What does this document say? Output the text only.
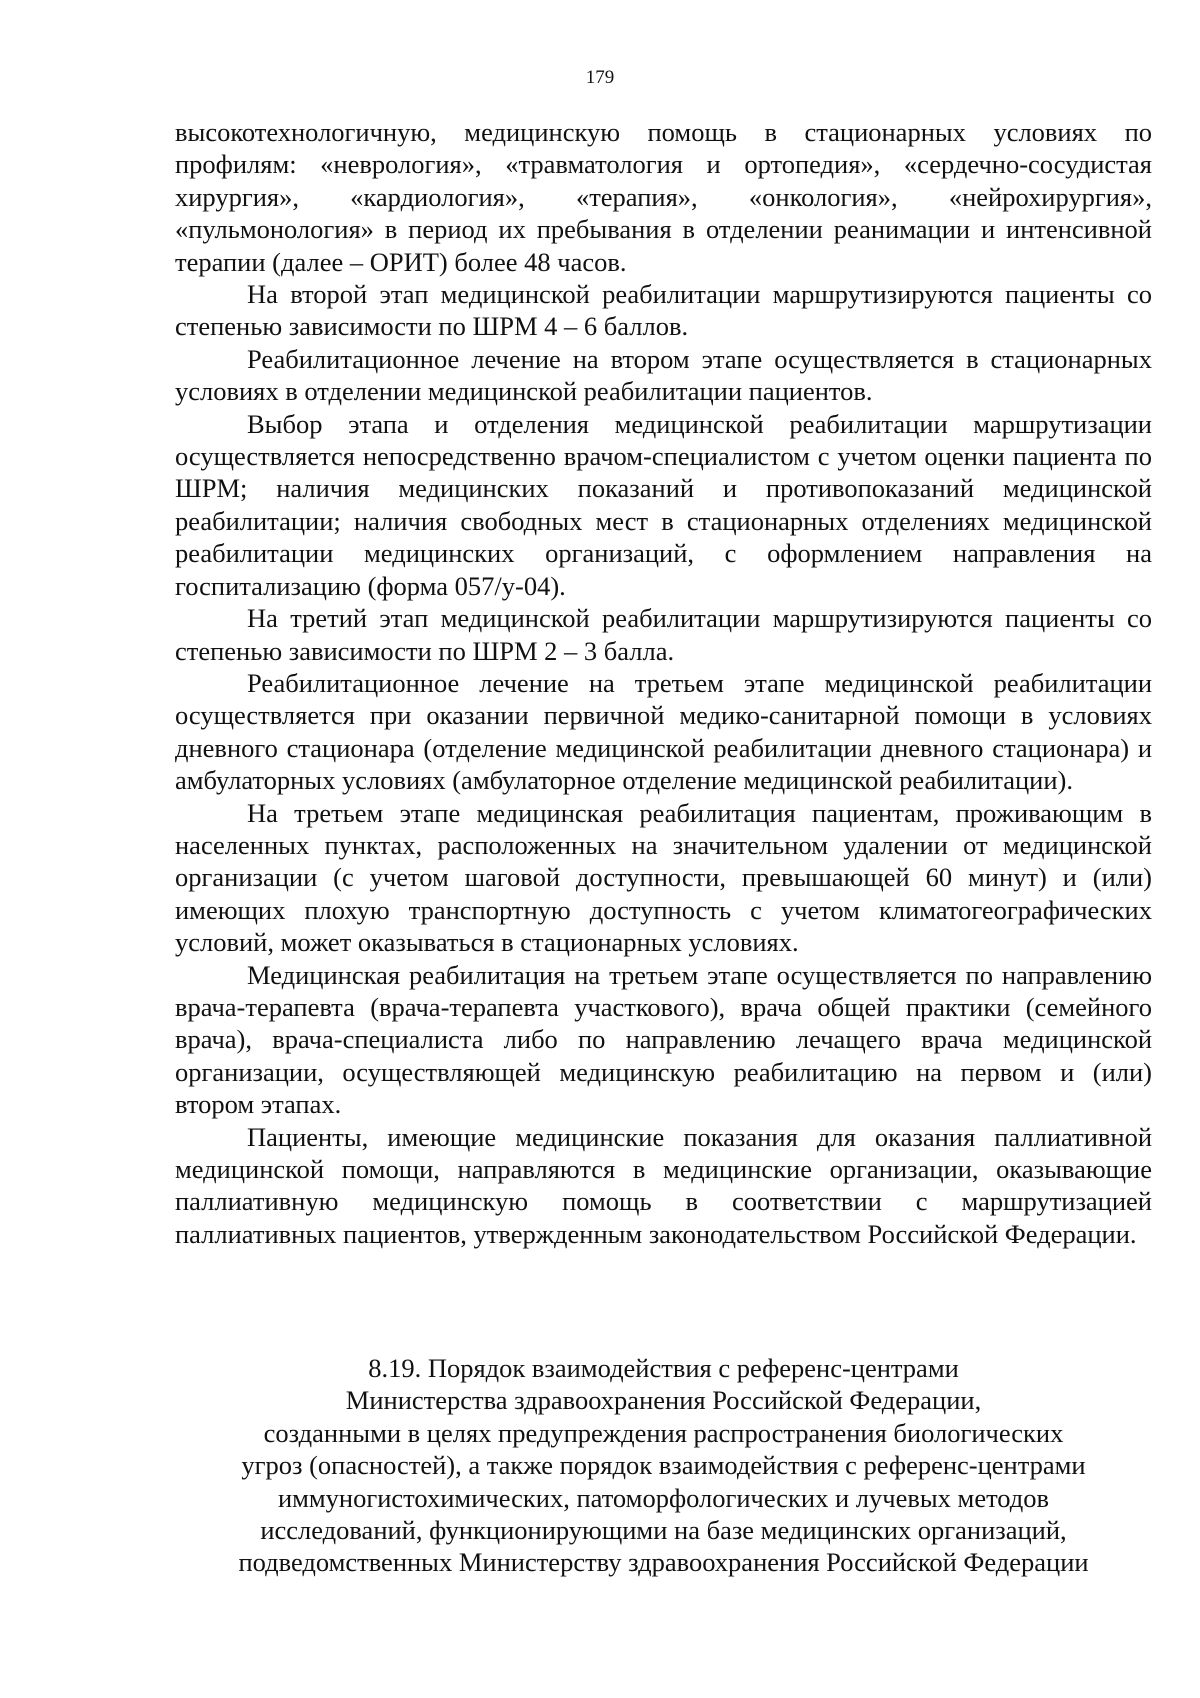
179

высокотехнологичную, медицинскую помощь в стационарных условиях по профилям: «неврология», «травматология и ортопедия», «сердечно-сосудистая хирургия», «кардиология», «терапия», «онкология», «нейрохирургия», «пульмонология» в период их пребывания в отделении реанимации и интенсивной терапии (далее – ОРИТ) более 48 часов.

На второй этап медицинской реабилитации маршрутизируются пациенты со степенью зависимости по ШРМ 4 – 6 баллов.

Реабилитационное лечение на втором этапе осуществляется в стационарных условиях в отделении медицинской реабилитации пациентов.

Выбор этапа и отделения медицинской реабилитации маршрутизации осуществляется непосредственно врачом-специалистом с учетом оценки пациента по ШРМ; наличия медицинских показаний и противопоказаний медицинской реабилитации; наличия свободных мест в стационарных отделениях медицинской реабилитации медицинских организаций, с оформлением направления на госпитализацию (форма 057/у-04).

На третий этап медицинской реабилитации маршрутизируются пациенты со степенью зависимости по ШРМ 2 – 3 балла.

Реабилитационное лечение на третьем этапе медицинской реабилитации осуществляется при оказании первичной медико-санитарной помощи в условиях дневного стационара (отделение медицинской реабилитации дневного стационара) и амбулаторных условиях (амбулаторное отделение медицинской реабилитации).

На третьем этапе медицинская реабилитация пациентам, проживающим в населенных пунктах, расположенных на значительном удалении от медицинской организации (с учетом шаговой доступности, превышающей 60 минут) и (или) имеющих плохую транспортную доступность с учетом климатогеографических условий, может оказываться в стационарных условиях.

Медицинская реабилитация на третьем этапе осуществляется по направлению врача-терапевта (врача-терапевта участкового), врача общей практики (семейного врача), врача-специалиста либо по направлению лечащего врача медицинской организации, осуществляющей медицинскую реабилитацию на первом и (или) втором этапах.

Пациенты, имеющие медицинские показания для оказания паллиативной медицинской помощи, направляются в медицинские организации, оказывающие паллиативную медицинскую помощь в соответствии с маршрутизацией паллиативных пациентов, утвержденным законодательством Российской Федерации.

8.19. Порядок взаимодействия с референс-центрами
Министерства здравоохранения Российской Федерации,
созданными в целях предупреждения распространения биологических
угроз (опасностей), а также порядок взаимодействия с референс-центрами
иммуногистохимических, патоморфологических и лучевых методов
исследований, функционирующими на базе медицинских организаций,
подведомственных Министерству здравоохранения Российской Федерации
